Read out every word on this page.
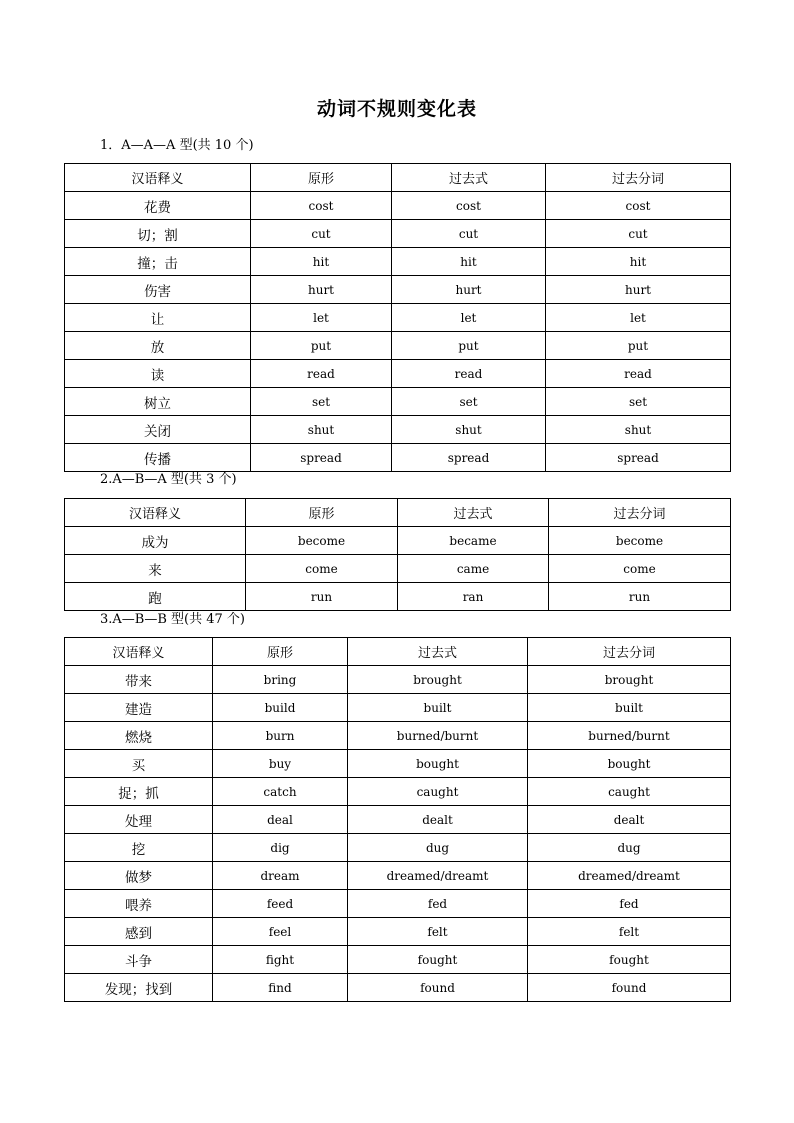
动词不规则变化表
1．A—A—A 型(共 10 个)
汉语释义	原形	过去式	过去分词
花费	cost	cost	cost
切；割	cut	cut	cut
撞；击	hit	hit	hit
伤害	hurt	hurt	hurt
让	let	let	let
放	put	put	put
读	read	read	read
树立	set	set	set
关闭	shut	shut	shut
传播	spread	spread	spread
2.A—B—A 型(共 3 个)
汉语释义	原形	过去式	过去分词
成为	become	became	become
来	come	came	come
跑	run	ran	run
3.A—B—B 型(共 47 个)
汉语释义	原形	过去式	过去分词
带来	bring	brought	brought
建造	build	built	built
燃烧	burn	burned/burnt	burned/burnt
买	buy	bought	bought
捉；抓	catch	caught	caught
处理	deal	dealt	dealt
挖	dig	dug	dug
做梦	dream	dreamed/dreamt	dreamed/dreamt
喂养	feed	fed	fed
感到	feel	felt	felt
斗争	fight	fought	fought
发现；找到	find	found	found
